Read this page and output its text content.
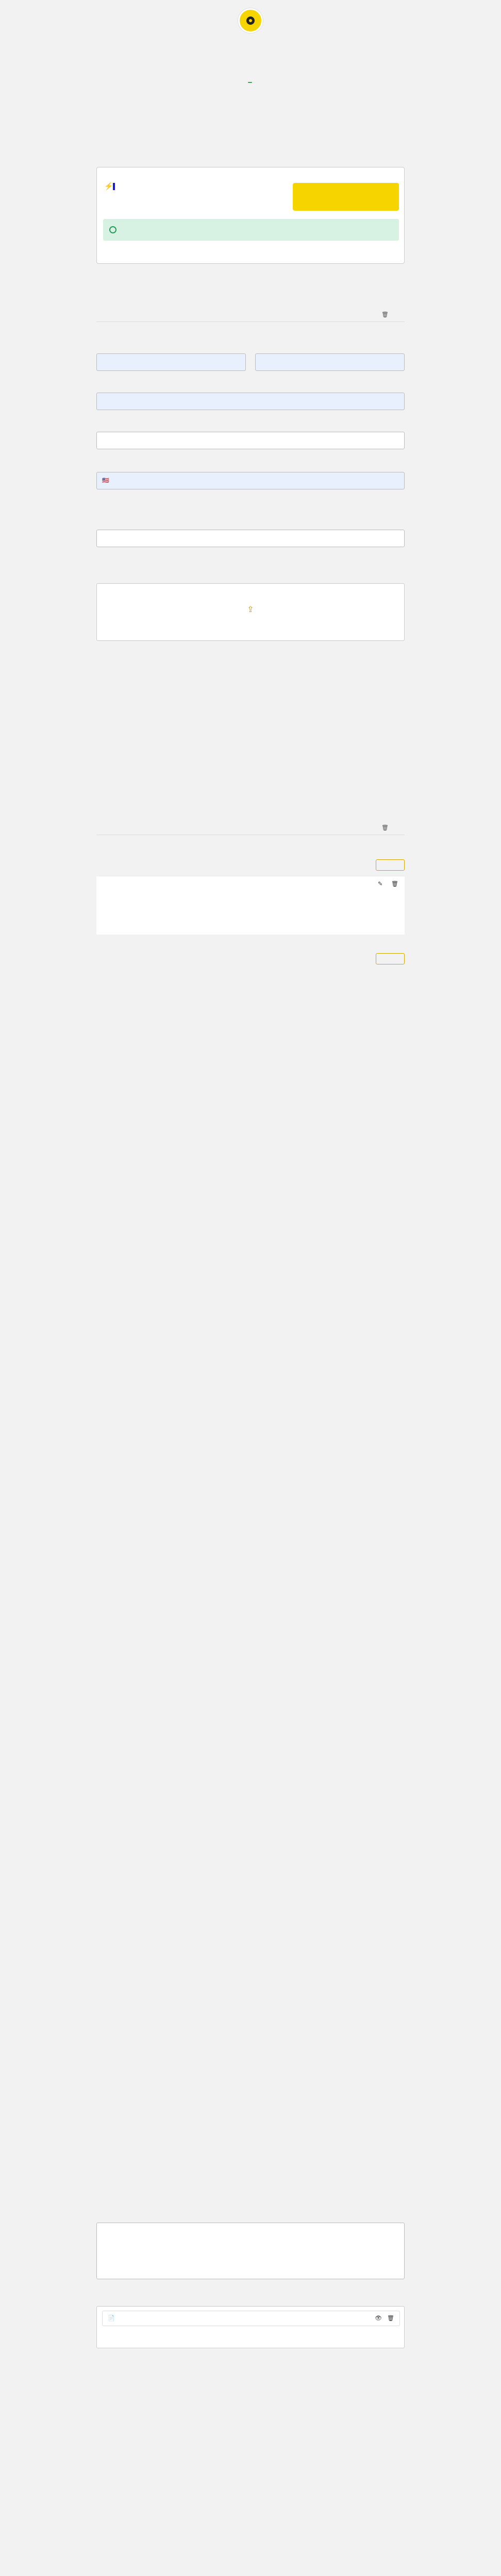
⚡
🗑
🇺🇸
⇪
🗑
✎ 🗑
📄	👁 🗑
